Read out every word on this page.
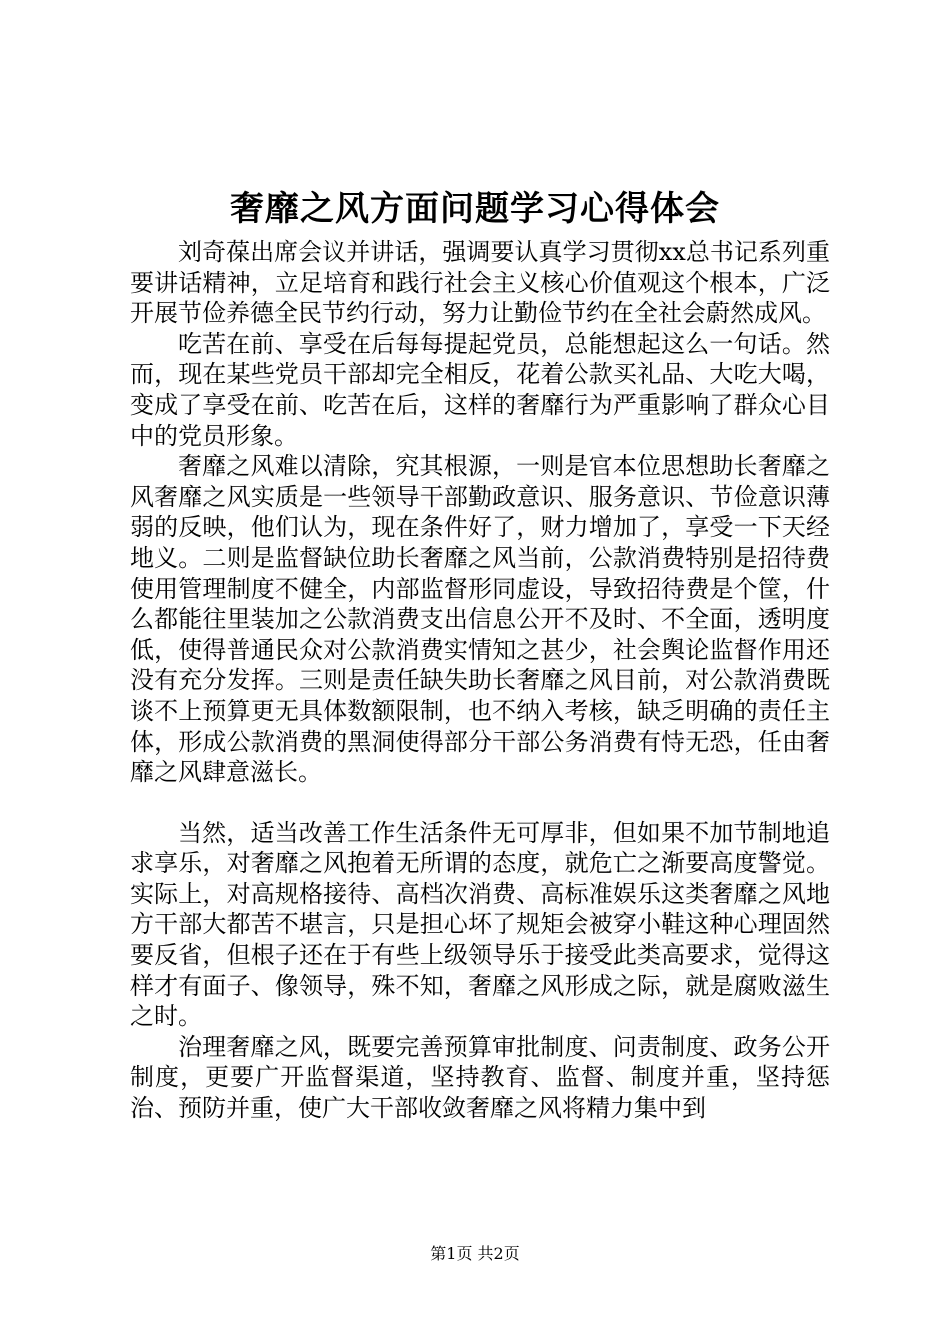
奢靡之风方面问题学习心得体会

刘奇葆出席会议并讲话，强调要认真学习贯彻xx总书记系列重要讲话精神，立足培育和践行社会主义核心价值观这个根本，广泛开展节俭养德全民节约行动，努力让勤俭节约在全社会蔚然成风。

吃苦在前、享受在后每每提起党员，总能想起这么一句话。然而，现在某些党员干部却完全相反，花着公款买礼品、大吃大喝，变成了享受在前、吃苦在后，这样的奢靡行为严重影响了群众心目中的党员形象。

奢靡之风难以清除，究其根源，一则是官本位思想助长奢靡之风奢靡之风实质是一些领导干部勤政意识、服务意识、节俭意识薄弱的反映，他们认为，现在条件好了，财力增加了，享受一下天经地义。二则是监督缺位助长奢靡之风当前，公款消费特别是招待费使用管理制度不健全，内部监督形同虚设，导致招待费是个筐，什么都能往里装加之公款消费支出信息公开不及时、不全面，透明度低，使得普通民众对公款消费实情知之甚少，社会舆论监督作用还没有充分发挥。三则是责任缺失助长奢靡之风目前，对公款消费既谈不上预算更无具体数额限制，也不纳入考核，缺乏明确的责任主体，形成公款消费的黑洞使得部分干部公务消费有恃无恐，任由奢靡之风肆意滋长。

当然，适当改善工作生活条件无可厚非，但如果不加节制地追求享乐，对奢靡之风抱着无所谓的态度，就危亡之渐要高度警觉。实际上，对高规格接待、高档次消费、高标准娱乐这类奢靡之风地方干部大都苦不堪言，只是担心坏了规矩会被穿小鞋这种心理固然要反省，但根子还在于有些上级领导乐于接受此类高要求，觉得这样才有面子、像领导，殊不知，奢靡之风形成之际，就是腐败滋生之时。

治理奢靡之风，既要完善预算审批制度、问责制度、政务公开制度，更要广开监督渠道，坚持教育、监督、制度并重，坚持惩治、预防并重，使广大干部收敛奢靡之风将精力集中到

第1页 共2页
